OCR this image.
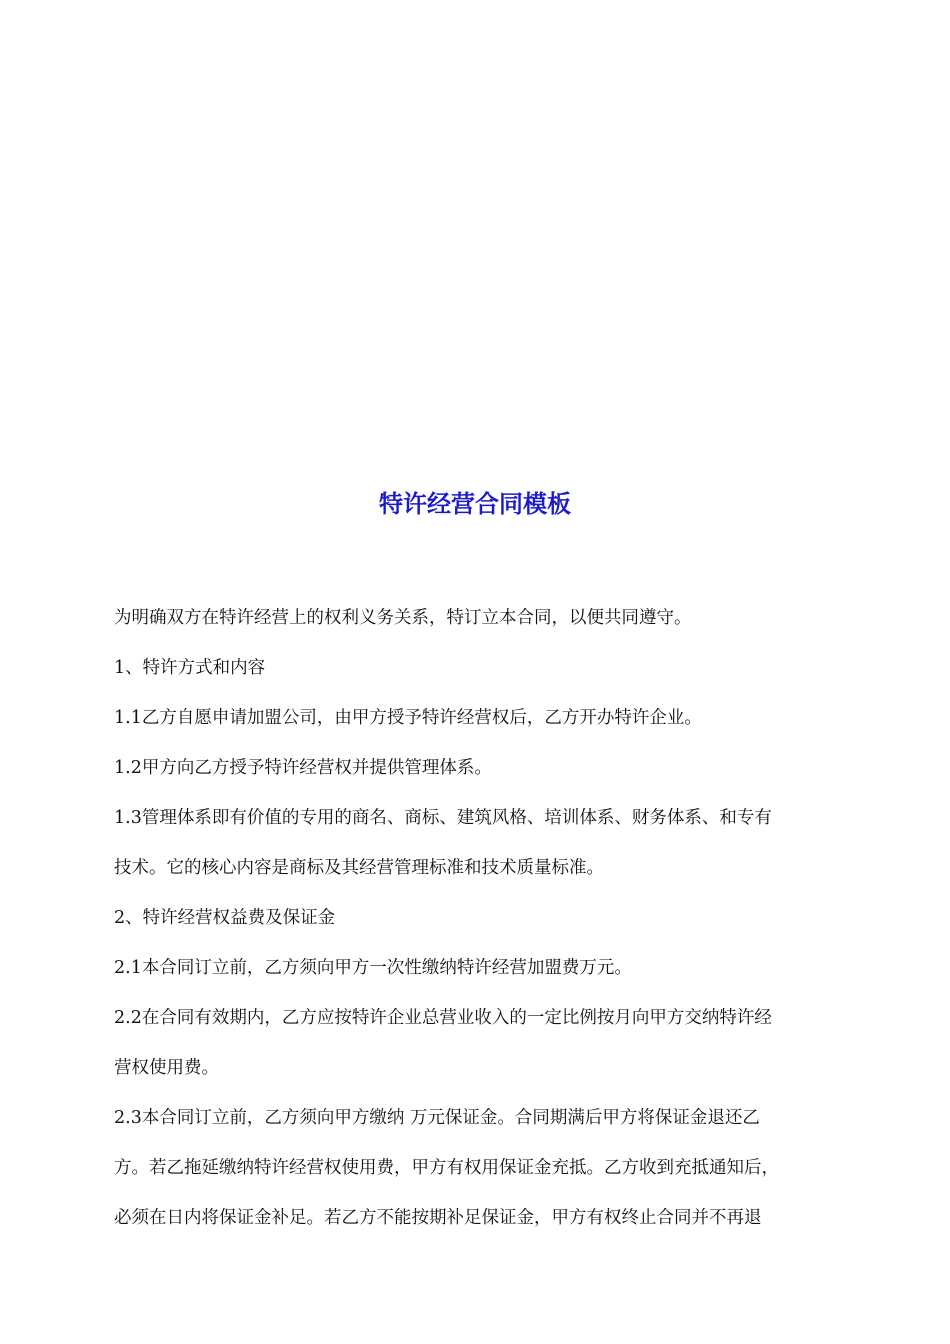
特许经营合同模板
为明确双方在特许经营上的权利义务关系，特订立本合同，以便共同遵守。
1、特许方式和内容
1.1乙方自愿申请加盟公司，由甲方授予特许经营权后，乙方开办特许企业。
1.2甲方向乙方授予特许经营权并提供管理体系。
1.3管理体系即有价值的专用的商名、商标、建筑风格、培训体系、财务体系、和专有
技术。它的核心内容是商标及其经营管理标准和技术质量标准。
2、特许经营权益费及保证金
2.1本合同订立前，乙方须向甲方一次性缴纳特许经营加盟费万元。
2.2在合同有效期内，乙方应按特许企业总营业收入的一定比例按月向甲方交纳特许经
营权使用费。
2.3本合同订立前，乙方须向甲方缴纳 万元保证金。合同期满后甲方将保证金退还乙
方。若乙拖延缴纳特许经营权使用费，甲方有权用保证金充抵。乙方收到充抵通知后，
必须在日内将保证金补足。若乙方不能按期补足保证金，甲方有权终止合同并不再退
